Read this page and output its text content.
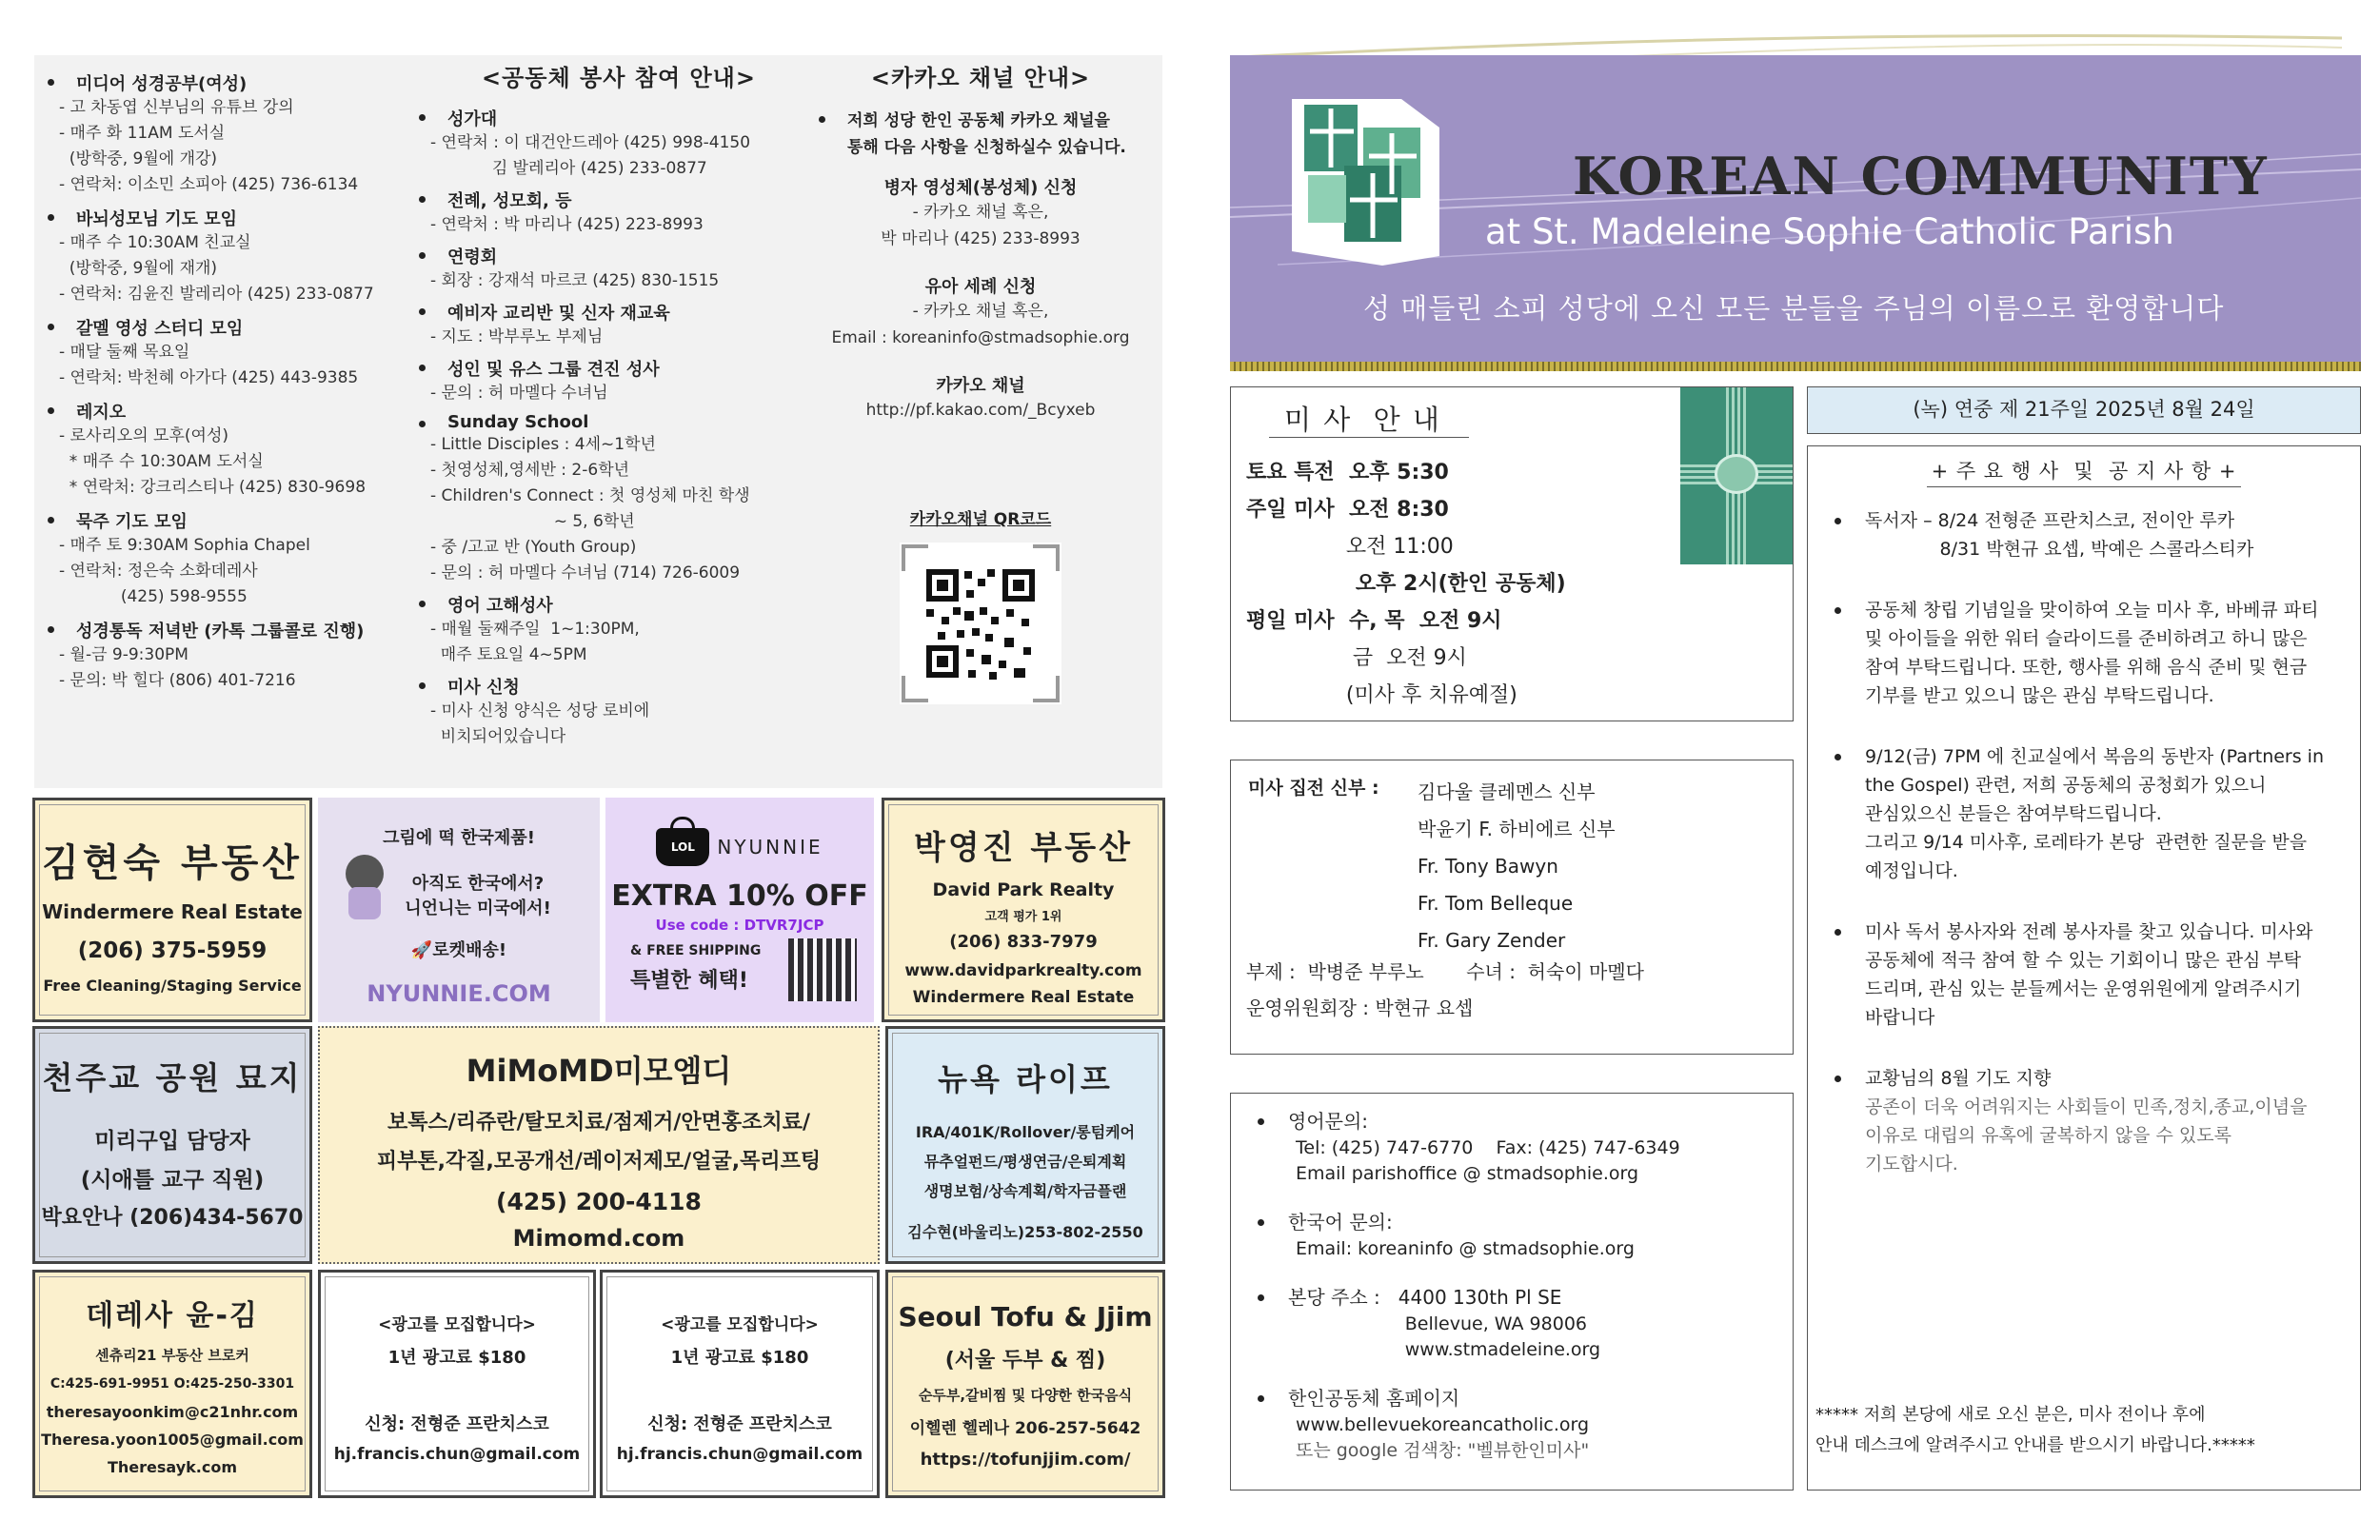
미디어 성경공부(여성)
- 고 차동엽 신부님의 유튜브 강의
- 매주 화 11AM 도서실
(방학중, 9월에 개강)
- 연락처: 이소민 소피아 (425) 736-6134
바뇌성모님 기도 모임
- 매주 수 10:30AM 친교실
(방학중, 9월에 재개)
- 연락처: 김윤진 발레리아 (425) 233-0877
갈멜 영성 스터디 모임
- 매달 둘째 목요일
- 연락처: 박천혜 아가다 (425) 443-9385
레지오
- 로사리오의 모후(여성)
* 매주 수 10:30AM 도서실
* 연락처: 강크리스티나 (425) 830-9698
묵주 기도 모임
- 매주 토 9:30AM Sophia Chapel
- 연락처: 정은숙 소화데레사
(425) 598-9555
성경통독 저녁반 (카톡 그룹콜로 진행)
- 월-금 9-9:30PM
- 문의: 박 힐다 (806) 401-7216
<공동체 봉사 참여 안내>
성가대
- 연락처 : 이 대건안드레아 (425) 998-4150
김 발레리아 (425) 233-0877
전례, 성모회, 등
- 연락처 : 박 마리나 (425) 223-8993
연령회
- 회장 : 강재석 마르코 (425) 830-1515
예비자 교리반 및 신자 재교육
- 지도 : 박부루노 부제님
성인 및 유스 그룹 견진 성사
- 문의 : 허 마멜다 수녀님
Sunday School
- Little Disciples : 4세~1학년
- 첫영성체,영세반 : 2-6학년
- Children's Connect : 첫 영성체 마친 학생
~ 5, 6학년
- 중 /고교 반 (Youth Group)
- 문의 : 허 마멜다 수녀님 (714) 726-6009
영어 고해성사
- 매월 둘째주일  1~1:30PM,
매주 토요일 4~5PM
미사 신청
- 미사 신청 양식은 성당 로비에
비치되어있습니다
<카카오 채널 안내>
저희 성당 한인 공동체 카카오 채널을
통해 다음 사항을 신청하실수 있습니다.
병자 영성체(봉성체) 신청
- 카카오 채널 혹은,
박 마리나 (425) 233-8993
유아 세례 신청
- 카카오 채널 혹은,
Email : koreaninfo@stmadsophie.org
카카오 채널
http://pf.kakao.com/_Bcyxeb
카카오채널 QR코드
김현숙 부동산
Windermere Real Estate
(206) 375-5959
Free Cleaning/Staging Service
그림에 떡 한국제품!
아직도 한국에서?
니언니는 미국에서!
🚀로켓배송!
NYUNNIE.COM
LOL	NYUNNIE
EXTRA 10% OFF
Use code : DTVR7JCP
& FREE SHIPPING
특별한 혜택!
박영진 부동산
David Park Realty
고객 평가 1위
(206) 833-7979
www.davidparkrealty.com
Windermere Real Estate
천주교 공원 묘지
미리구입 담당자
(시애틀 교구 직원)
박요안나 (206)434-5670
MiMoMD미모엠디
보톡스/리쥬란/탈모치료/점제거/안면홍조치료/
피부톤,각질,모공개선/레이저제모/얼굴,목리프팅
(425) 200-4118
Mimomd.com
뉴욕 라이프
IRA/401K/Rollover/롱텀케어
뮤추얼펀드/평생연금/은퇴계획
생명보험/상속계획/학자금플랜
김수현(바울리노)253-802-2550
데레사 윤-김
센츄리21 부동산 브로커
C:425-691-9951 O:425-250-3301
theresayoonkim@c21nhr.com
Theresa.yoon1005@gmail.com
Theresayk.com
<광고를 모집합니다>
1년 광고료 $180
신청: 전형준 프란치스코
hj.francis.chun@gmail.com
<광고를 모집합니다>
1년 광고료 $180
신청: 전형준 프란치스코
hj.francis.chun@gmail.com
Seoul Tofu & Jjim
(서울 두부 & 찜)
순두부,갈비찜 및 다양한 한국음식
이헬렌 헬레나 206-257-5642
https://tofunjjim.com/
KOREAN COMMUNITY
at St. Madeleine Sophie Catholic Parish
성 매들린 소피 성당에 오신 모든 분들을 주님의 이름으로 환영합니다
미 사  안 내
토요 특전  오후 5:30
주일 미사  오전 8:30
오전 11:00
오후 2시(한인 공동체)
평일 미사  수, 목  오전 9시
금  오전 9시
(미사 후 치유예절)
미사 집전 신부 : 김다울 클레멘스 신부
박윤기 F. 하비에르 신부
Fr. Tony Bawyn
Fr. Tom Belleque
Fr. Gary Zender
부제 :  박병준 부루노       수녀 :  허숙이 마멜다
운영위원회장 : 박현규 요셉
영어문의:
Tel: (425) 747-6770    Fax: (425) 747-6349
Email parishoffice @ stmadsophie.org
한국어 문의:
Email: koreaninfo @ stmadsophie.org
본당 주소 :   4400 130th Pl SE
Bellevue, WA 98006
www.stmadeleine.org
한인공동체 홈페이지
www.bellevuekoreancatholic.org
또는 google 검색창: "벨뷰한인미사"
(녹) 연중 제 21주일 2025년 8월 24일
+ 주 요 행 사  및  공 지 사 항 +
독서자 – 8/24 전형준 프란치스코, 전이안 루카
8/31 박현규 요셉, 박예은 스콜라스티카
공동체 창립 기념일을 맞이하여 오늘 미사 후, 바베큐 파티
및 아이들을 위한 워터 슬라이드를 준비하려고 하니 많은
참여 부탁드립니다. 또한, 행사를 위해 음식 준비 및 현금
기부를 받고 있으니 많은 관심 부탁드립니다.
9/12(금) 7PM 에 친교실에서 복음의 동반자 (Partners in
the Gospel) 관련, 저희 공동체의 공청회가 있으니
관심있으신 분들은 참여부탁드립니다.
그리고 9/14 미사후, 로레타가 본당  관련한 질문을 받을
예정입니다.
미사 독서 봉사자와 전례 봉사자를 찾고 있습니다. 미사와
공동체에 적극 참여 할 수 있는 기회이니 많은 관심 부탁
드리며, 관심 있는 분들께서는 운영위원에게 알려주시기
바랍니다
교황님의 8월 기도 지향
공존이 더욱 어려워지는 사회들이 민족,정치,종교,이념을
이유로 대립의 유혹에 굴복하지 않을 수 있도록
기도합시다.
***** 저희 본당에 새로 오신 분은, 미사 전이나 후에
안내 데스크에 알려주시고 안내를 받으시기 바랍니다.*****
